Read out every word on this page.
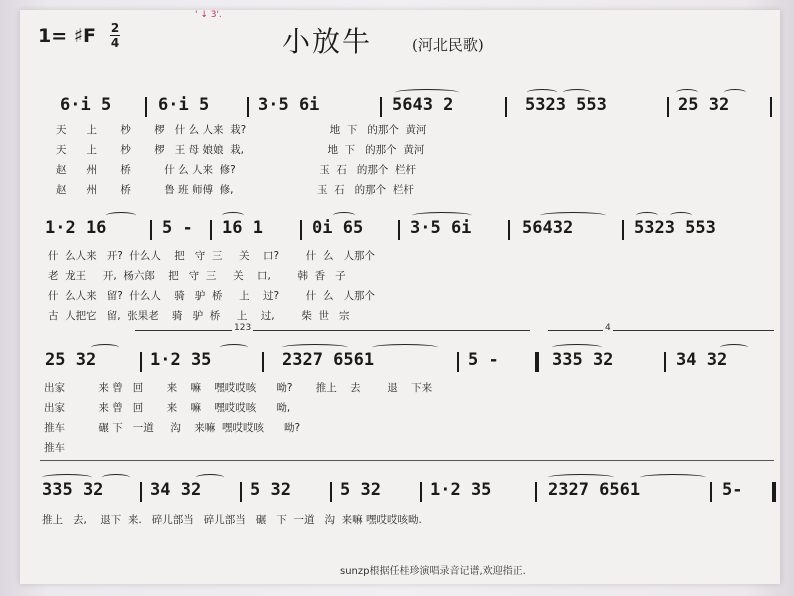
' ↓ 3'.
1= ♯F 2
4	小放牛	(河北民歌)
6·i 5	6·i 5	3·5 6i	5643 2	5323 553	25 32
天 上 杪 椤 什 么 人来  栽?	地  下   的那个  黄河
天 上 杪 椤 王 母 娘娘  栽,	地  下   的那个  黄河
赵 州 桥	什 么 人来  修?	玉  石   的那个  栏杆
赵 州 桥	鲁 班 师傅  修,	玉  石   的那个  栏杆
1·2 16	5 - 16 1	0i 65	3·5 6i	56432	5323 553
什  么人来   开?  什么人    把   守  三     关    口?        什  么   人那个
老  龙王     开,  杨六郎    把   守  三     关    口,        韩  香   子
什  么人来   留?  什么人    骑   驴  桥     上    过?        什  么   人那个
古  人把它   留,  张果老    骑   驴  桥     上    过,        柴  世   宗
123	4
25 32	1·2 35	2327 6561	5 -	335 32	34 32
出家          来 曾   回       来    嘛    嘿哎哎咳      呦?       推上    去        退    下来
出家          来 曾   回       来    嘛    嘿哎哎咳      呦,
推车          碾 下   一道     沟    来嘛  嘿哎哎咳      呦?
推车
335 32	34 32	5 32	5 32	1·2 35	2327 6561	5-
推上   去,    退下  来.   碎儿部当   碎儿部当   碾   下  一道   沟  来嘛 嘿哎哎咳呦.
sunzp根据任桂珍演唱录音记谱,欢迎指正.
